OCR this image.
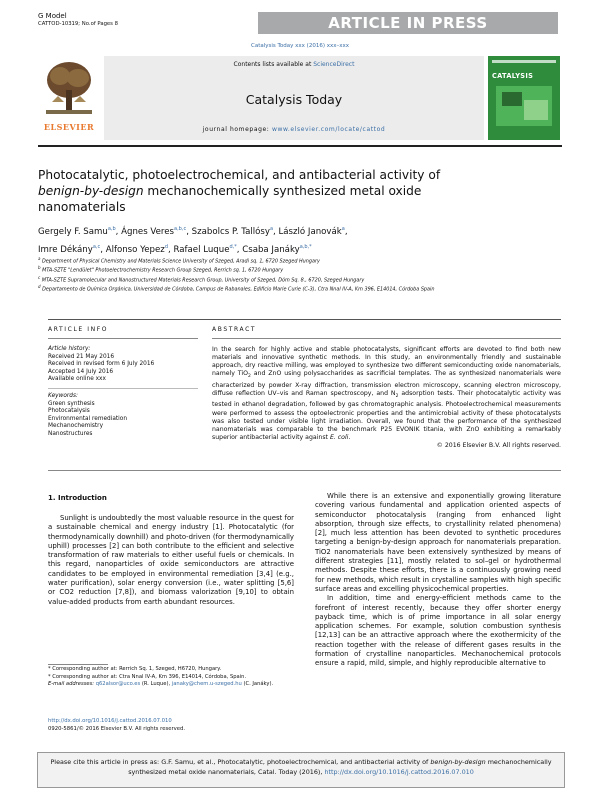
G Model
CATTOD-10319; No.of Pages 8	ARTICLE IN PRESS
Catalysis Today xxx (2016) xxx–xxx
ELSEVIER
Contents lists available at ScienceDirect
Catalysis Today
journal homepage: www.elsevier.com/locate/cattod
CATALYSIS
Photocatalytic, photoelectrochemical, and antibacterial activity of
benign-by-design mechanochemically synthesized metal oxide
nanomaterials
Gergely F. Samu$^{a,b}$, Ágnes Veres$^{a,b,c}$, Szabolcs P. Tallósy$^a$, László Janovák$^a$,
Imre Dékány$^{a,c}$, Alfonso Yepez$^d$, Rafael Luque$^{d,*}$, Csaba Janáky$^{a,b,*}$
$^a$ Department of Physical Chemistry and Materials Science University of Szeged, Aradi sq. 1, 6720 Szeged Hungary
$^b$ MTA-SZTE "Lendület" Photoelectrochemistry Research Group Szeged, Rerrich sq. 1, 6720 Hungary
$^c$ MTA-SZTE Supramolecular and Nanostructured Materials Research Group, University of Szeged, Dóm Sq. 8., 6720, Szeged Hungary
$^d$ Departamento de Química Orgánica, Universidad de Córdoba, Campus de Rabanales, Edificio Marie Curie (C-3), Ctra Nnal IV-A, Km 396, E14014, Córdoba Spain
ARTICLE INFO	ABSTRACT
Article history:
Received 21 May 2016
Received in revised form 6 July 2016
Accepted 14 July 2016
Available online xxx
Keywords:
Green synthesis
Photocatalysis
Environmental remediation
Mechanochemistry
Nanostructures

In the search for highly active and stable photocatalysts, significant efforts are devoted to find both new materials and innovative synthetic methods. In this study, an environmentally friendly and sustainable approach, dry reactive milling, was employed to synthesize two different semiconducting oxide nanomaterials, namely TiO$_2$ and ZnO using polysaccharides as sacrificial templates. The as synthesized nanomaterials were characterized by powder X-ray diffraction, transmission electron microscopy, scanning electron microscopy, diffuse reflection UV–vis and Raman spectroscopy, and $N_2$ adsorption tests. Their photocatalytic activity was tested in ethanol degradation, followed by gas chromatographic analysis. Photoelectrochemical measurements were performed to assess the optoelectronic properties and the antimicrobial activity of these photocatalysts was also tested under visible light irradiation. Overall, we found that the performance of the synthesized nanomaterials was comparable to the benchmark P25 EVONIK titania, with ZnO exhibiting a remarkably superior antibacterial activity against E. coli.

© 2016 Elsevier B.V. All rights reserved.

1. Introduction

Sunlight is undoubtedly the most valuable resource in the quest for a sustainable chemical and energy industry [1]. Photocatalytic (for thermodynamically downhill) and photo-driven (for thermodynamically uphill) processes [2] can both contribute to the efficient and selective transformation of raw materials to either useful fuels or chemicals. In this regard, nanoparticles of oxide semiconductors are attractive candidates to be employed in environmental remediation [3,4] (e.g., water purification), solar energy conversion (i.e., water splitting [5,6] or CO2 reduction [7,8]), and biomass valorization [9,10] to obtain value-added products from earth abundant resources.

While there is an extensive and exponentially growing literature covering various fundamental and application oriented aspects of semiconductor photocatalysis (ranging from enhanced light absorption, through size effects, to crystallinity related phenomena) [2], much less attention has been devoted to synthetic procedures targeting a benign-by-design approach for nanomaterials preparation. TiO2 nanomaterials have been extensively synthesized by means of different strategies [11], mostly related to sol–gel or hydrothermal methods. Despite these efforts, there is a continuously growing need for new methods, which result in crystalline samples with high specific surface areas and excelling physicochemical properties.

In addition, time and energy-efficient methods came to the forefront of interest recently, because they offer shorter energy payback time, which is of prime importance in all solar energy application schemes. For example, solution combustion synthesis [12,13] can be an attractive approach where the exothermicity of the reaction together with the release of different gases results in the formation of crystalline nanoparticles. Mechanochemical protocols ensure a rapid, mild, simple, and highly reproducible alternative to

* Corresponding author at: Rerrich Sq. 1, Szeged, H6720, Hungary.
* Corresponding author at: Ctra Nnal IV-A, Km 396, E14014, Córdoba, Spain.
E-mail addresses: q62alsor@uco.es (R. Luque), janaky@chem.u-szeged.hu (C. Janáky).
http://dx.doi.org/10.1016/j.cattod.2016.07.010
0920-5861/© 2016 Elsevier B.V. All rights reserved.
Please cite this article in press as: G.F. Samu, et al., Photocatalytic, photoelectrochemical, and antibacterial activity of benign-by-design mechanochemically synthesized metal oxide nanomaterials, Catal. Today (2016), http://dx.doi.org/10.1016/j.cattod.2016.07.010
